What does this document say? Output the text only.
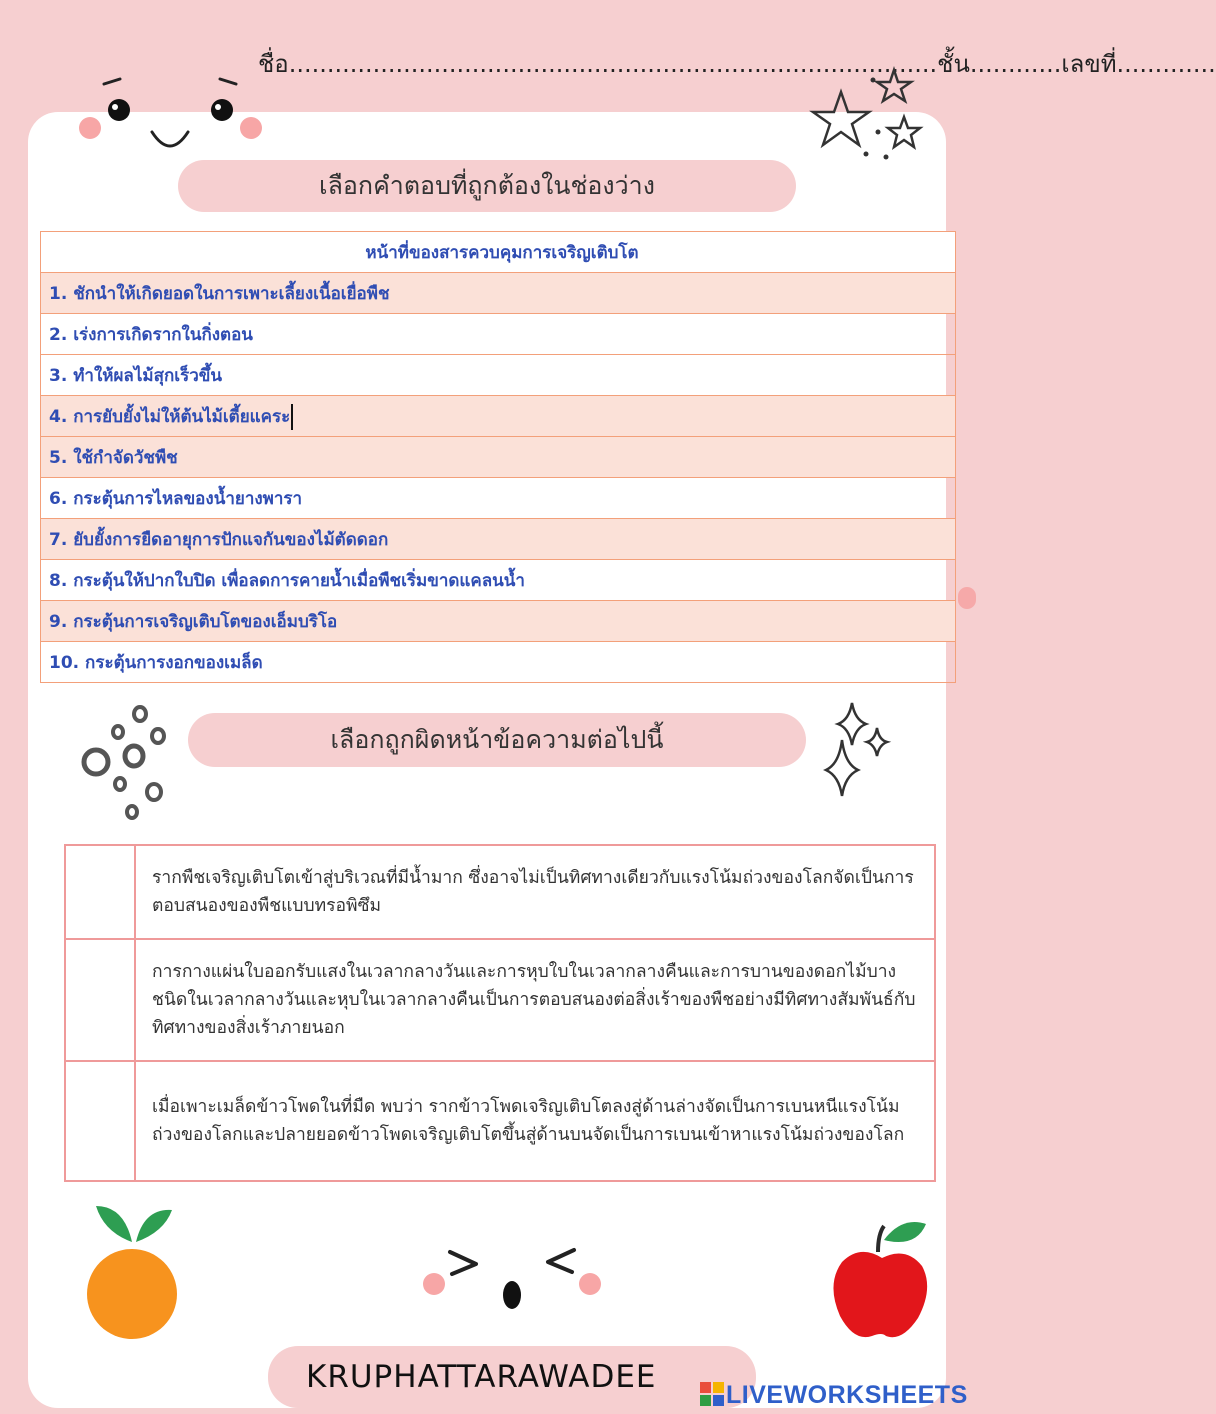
ชื่อ.....................................................................................ชั้น............เลขที่.............
เลือกคำตอบที่ถูกต้องในช่องว่าง
หน้าที่ของสารควบคุมการเจริญเติบโต
1. ชักนำให้เกิดยอดในการเพาะเลี้ยงเนื้อเยื่อพืช
2. เร่งการเกิดรากในกิ่งตอน
3. ทำให้ผลไม้สุกเร็วขึ้น
4. การยับยั้งไม่ให้ต้นไม้เตี้ยแคระ
5. ใช้กำจัดวัชพืช
6. กระตุ้นการไหลของน้ำยางพารา
7. ยับยั้งการยืดอายุการปักแจกันของไม้ตัดดอก
8. กระตุ้นให้ปากใบปิด เพื่อลดการคายน้ำเมื่อพืชเริ่มขาดแคลนน้ำ
9. กระตุ้นการเจริญเติบโตของเอ็มบริโอ
10. กระตุ้นการงอกของเมล็ด
เลือกถูกผิดหน้าข้อความต่อไปนี้
	รากพืชเจริญเติบโตเข้าสู่บริเวณที่มีน้ำมาก ซึ่งอาจไม่เป็นทิศทางเดียวกับแรงโน้มถ่วงของโลกจัดเป็นการตอบสนองของพืชแบบทรอพิซึม
	การกางแผ่นใบออกรับแสงในเวลากลางวันและการหุบใบในเวลากลางคืนและการบานของดอกไม้บางชนิดในเวลากลางวันและหุบในเวลากลางคืนเป็นการตอบสนองต่อสิ่งเร้าของพืชอย่างมีทิศทางสัมพันธ์กับทิศทางของสิ่งเร้าภายนอก
	เมื่อเพาะเมล็ดข้าวโพดในที่มืด พบว่า รากข้าวโพดเจริญเติบโตลงสู่ด้านล่างจัดเป็นการเบนหนีแรงโน้มถ่วงของโลกและปลายยอดข้าวโพดเจริญเติบโตขึ้นสู่ด้านบนจัดเป็นการเบนเข้าหาแรงโน้มถ่วงของโลก
KRUPHATTARAWADEE	LIVEWORKSHEETS
